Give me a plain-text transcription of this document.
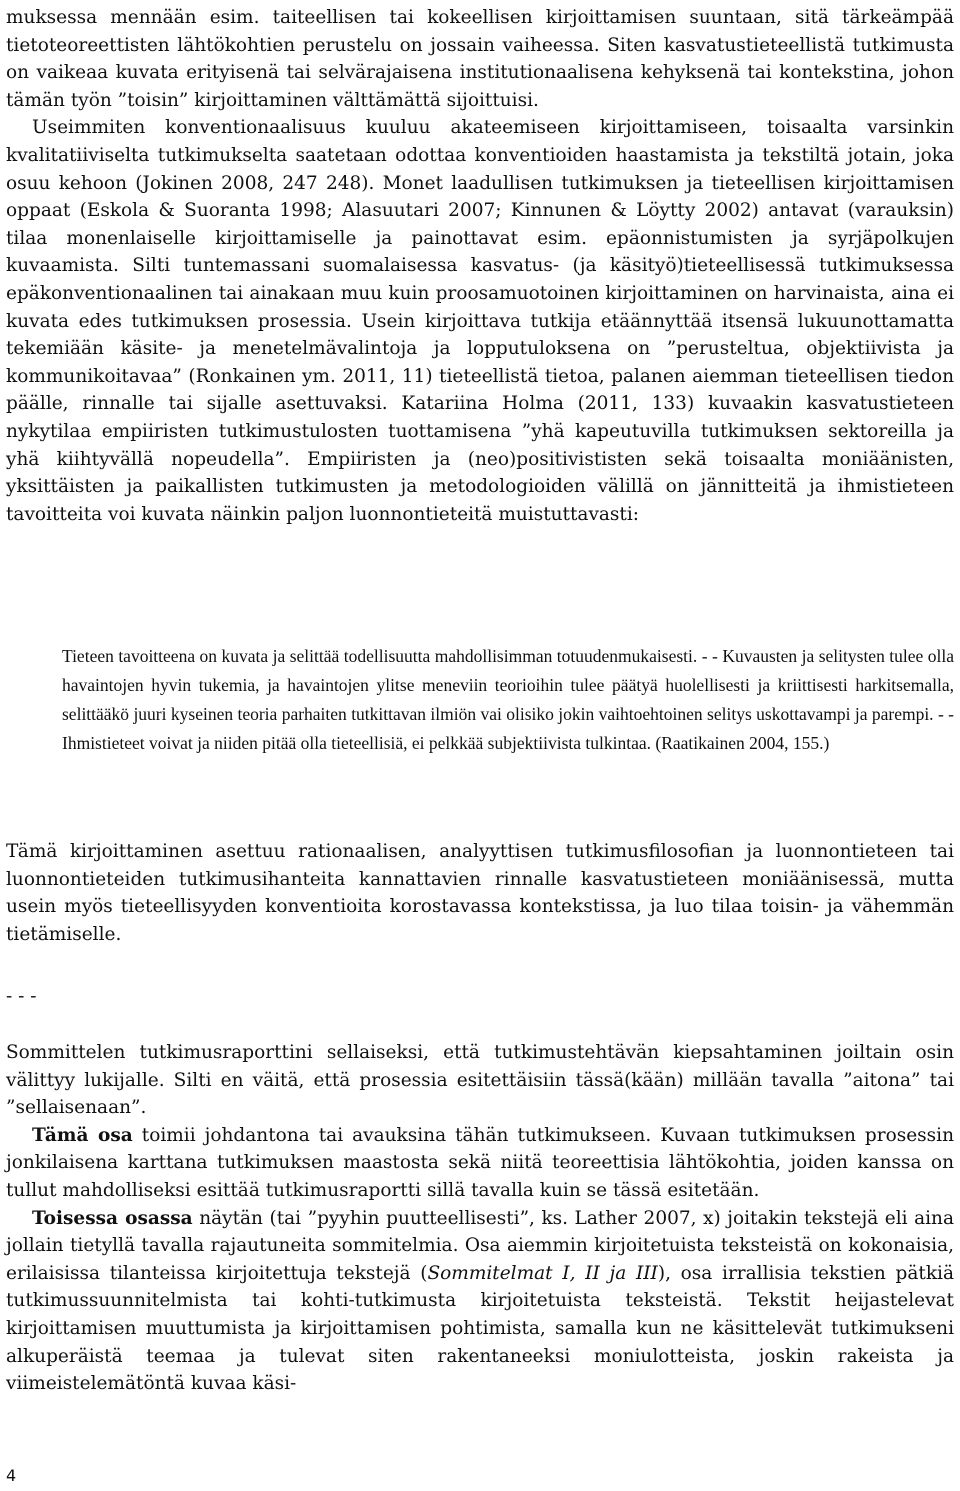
muksessa mennään esim. taiteellisen tai kokeellisen kirjoittamisen suuntaan, sitä tärkeämpää tietoteoreettisten lähtökohtien perustelu on jossain vaiheessa. Siten kasvatustieteellistä tutkimusta on vaikeaa kuvata erityisenä tai selvärajaisena institutionaalisena kehyksenä tai kontekstina, johon tämän työn ”toisin” kirjoittaminen välttämättä sijoittuisi.

Useimmiten konventionaalisuus kuuluu akateemiseen kirjoittamiseen, toisaalta varsinkin kvalitatiiviselta tutkimukselta saatetaan odottaa konventioiden haastamista ja tekstiltä jotain, joka osuu kehoon (Jokinen 2008, 247 248). Monet laadullisen tutkimuksen ja tieteellisen kirjoittamisen oppaat (Eskola & Suoranta 1998; Alasuutari 2007; Kinnunen & Löytty 2002) antavat (varauksin) tilaa monenlaiselle kirjoittamiselle ja painottavat esim. epäonnistumisten ja syrjäpolkujen kuvaamista. Silti tuntemassani suomalaisessa kasvatus- (ja käsityö)tieteellisessä tutkimuksessa epäkonventionaalinen tai ainakaan muu kuin proosamuotoinen kirjoittaminen on harvinaista, aina ei kuvata edes tutkimuksen prosessia. Usein kirjoittava tutkija etäännyttää itsensä lukuunottamatta tekemiään käsite- ja menetelmävalintoja ja lopputuloksena on ”perusteltua, objektiivista ja kommunikoitavaa” (Ronkainen ym. 2011, 11) tieteellistä tietoa, palanen aiemman tieteellisen tiedon päälle, rinnalle tai sijalle asettuvaksi. Katariina Holma (2011, 133) kuvaakin kasvatustieteen nykytilaa empiiristen tutkimustulosten tuottamisena ”yhä kapeutuvilla tutkimuksen sektoreilla ja yhä kiihtyvällä nopeudella”. Empiiristen ja (neo)positivististen sekä toisaalta moniäänisten, yksittäisten ja paikallisten tutkimusten ja metodologioiden välillä on jännitteitä ja ihmistieteen tavoitteita voi kuvata näinkin paljon luonnontieteitä muistuttavasti:

Tieteen tavoitteena on kuvata ja selittää todellisuutta mahdollisimman totuudenmukaisesti. - - Kuvausten ja selitysten tulee olla havaintojen hyvin tukemia, ja havaintojen ylitse meneviin teorioihin tulee päätyä huolellisesti ja kriittisesti harkitsemalla, selittääkö juuri kyseinen teoria parhaiten tutkittavan ilmiön vai olisiko jokin vaihtoehtoinen selitys uskottavampi ja parempi. - - Ihmistieteet voivat ja niiden pitää olla tieteellisiä, ei pelkkää subjektiivista tulkintaa. (Raatikainen 2004, 155.)

Tämä kirjoittaminen asettuu rationaalisen, analyyttisen tutkimusfilosofian ja luonnontieteen tai luonnontieteiden tutkimusihanteita kannattavien rinnalle kasvatustieteen moniäänisessä, mutta usein myös tieteellisyyden konventioita korostavassa kontekstissa, ja luo tilaa toisin- ja vähemmän tietämiselle.

- - -

Sommittelen tutkimusraporttini sellaiseksi, että tutkimustehtävän kiepsahtaminen joiltain osin välittyy lukijalle. Silti en väitä, että prosessia esitettäisiin tässä(kään) millään tavalla ”aitona” tai ”sellaisenaan”.

Tämä osa toimii johdantona tai avauksina tähän tutkimukseen. Kuvaan tutkimuksen prosessin jonkilaisena karttana tutkimuksen maastosta sekä niitä teoreettisia lähtökohtia, joiden kanssa on tullut mahdolliseksi esittää tutkimusraportti sillä tavalla kuin se tässä esitetään.

Toisessa osassa näytän (tai ”pyyhin puutteellisesti”, ks. Lather 2007, x) joitakin tekstejä eli aina jollain tietyllä tavalla rajautuneita sommitelmia. Osa aiemmin kirjoitetuista teksteistä on kokonaisia, erilaisissa tilanteissa kirjoitettuja tekstejä (Sommitelmat I, II ja III), osa irrallisia tekstien pätkiä tutkimussuunnitelmista tai kohti-tutkimusta kirjoitetuista teksteistä. Tekstit heijastelevat kirjoittamisen muuttumista ja kirjoittamisen pohtimista, samalla kun ne käsittelevät tutkimukseni alkuperäistä teemaa ja tulevat siten rakentaneeksi moniulotteista, joskin rakeista ja viimeistelemätöntä kuvaa käsi-

4
